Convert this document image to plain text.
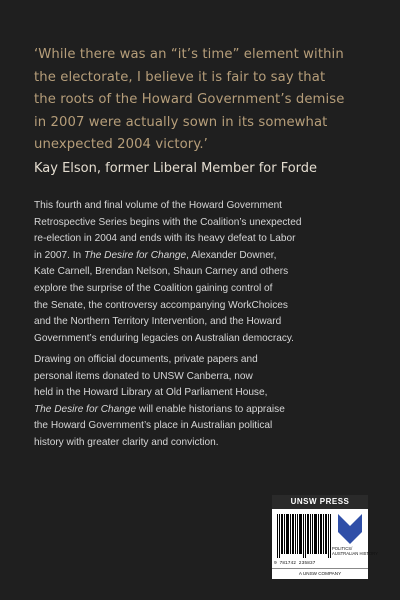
‘While there was an “it’s time” element within
the electorate, I believe it is fair to say that
the roots of the Howard Government’s demise
in 2007 were actually sown in its somewhat
unexpected 2004 victory.’
Kay Elson, former Liberal Member for Forde
This fourth and final volume of the Howard Government
Retrospective Series begins with the Coalition’s unexpected
re-election in 2004 and ends with its heavy defeat to Labor
in 2007. In The Desire for Change, Alexander Downer,
Kate Carnell, Brendan Nelson, Shaun Carney and others
explore the surprise of the Coalition gaining control of
the Senate, the controversy accompanying WorkChoices
and the Northern Territory Intervention, and the Howard
Government’s enduring legacies on Australian democracy.
Drawing on official documents, private papers and
personal items donated to UNSW Canberra, now
held in the Howard Library at Old Parliament House,
The Desire for Change will enable historians to appraise
the Howard Government’s place in Australian political
history with greater clarity and conviction.
UNSW PRESS
9 781742 235837
POLITICS/
AUSTRALIAN HISTORY
A UNSW COMPANY
